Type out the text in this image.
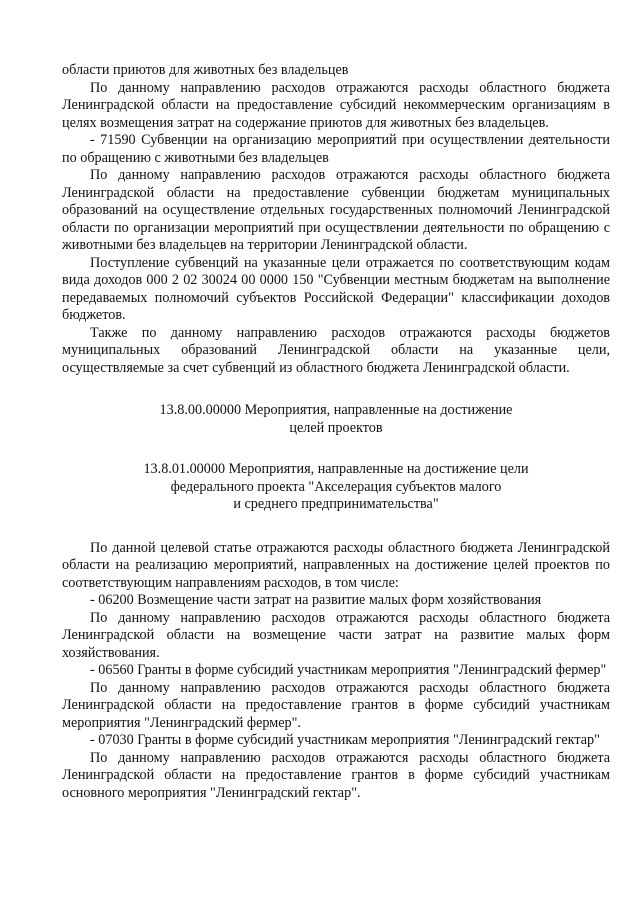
области приютов для животных без владельцев

По данному направлению расходов отражаются расходы областного бюджета Ленинградской области на предоставление субсидий некоммерческим организациям в целях возмещения затрат на содержание приютов для животных без владельцев.

- 71590 Субвенции на организацию мероприятий при осуществлении деятельности по обращению с животными без владельцев

По данному направлению расходов отражаются расходы областного бюджета Ленинградской области на предоставление субвенции бюджетам муниципальных образований на осуществление отдельных государственных полномочий Ленинградской области по организации мероприятий при осуществлении деятельности по обращению с животными без владельцев на территории Ленинградской области.

Поступление субвенций на указанные цели отражается по соответствующим кодам вида доходов 000 2 02 30024 00 0000 150 "Субвенции местным бюджетам на выполнение передаваемых полномочий субъектов Российской Федерации" классификации доходов бюджетов.

Также по данному направлению расходов отражаются расходы бюджетов муниципальных образований Ленинградской области на указанные цели, осуществляемые за счет субвенций из областного бюджета Ленинградской области.

13.8.00.00000 Мероприятия, направленные на достижение

целей проектов

13.8.01.00000 Мероприятия, направленные на достижение цели

федерального проекта "Акселерация субъектов малого

и среднего предпринимательства"

По данной целевой статье отражаются расходы областного бюджета Ленинградской области на реализацию мероприятий, направленных на достижение целей проектов по соответствующим направлениям расходов, в том числе:

- 06200 Возмещение части затрат на развитие малых форм хозяйствования

По данному направлению расходов отражаются расходы областного бюджета Ленинградской области на возмещение части затрат на развитие малых форм хозяйствования.

- 06560 Гранты в форме субсидий участникам мероприятия "Ленинградский фермер"

По данному направлению расходов отражаются расходы областного бюджета Ленинградской области на предоставление грантов в форме субсидий участникам мероприятия "Ленинградский фермер".

- 07030 Гранты в форме субсидий участникам мероприятия "Ленинградский гектар"

По данному направлению расходов отражаются расходы областного бюджета Ленинградской области на предоставление грантов в форме субсидий участникам основного мероприятия "Ленинградский гектар".
